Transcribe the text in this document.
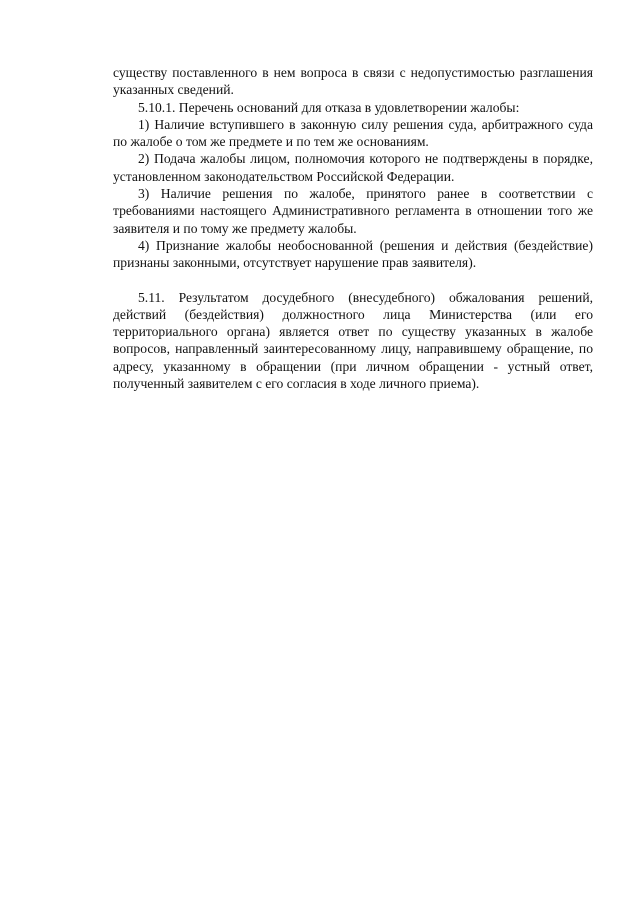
существу поставленного в нем вопроса в связи с недопустимостью разглашения указанных сведений.

5.10.1. Перечень оснований для отказа в удовлетворении жалобы:

1) Наличие вступившего в законную силу решения суда, арбитражного суда по жалобе о том же предмете и по тем же основаниям.

2) Подача жалобы лицом, полномочия которого не подтверждены в порядке, установленном законодательством Российской Федерации.

3) Наличие решения по жалобе, принятого ранее в соответствии с требованиями настоящего Административного регламента в отношении того же заявителя и по тому же предмету жалобы.

4) Признание жалобы необоснованной (решения и действия (бездействие) признаны законными, отсутствует нарушение прав заявителя).

5.11. Результатом досудебного (внесудебного) обжалования решений, действий (бездействия) должностного лица Министерства (или его территориального органа) является ответ по существу указанных в жалобе вопросов, направленный заинтересованному лицу, направившему обращение, по адресу, указанному в обращении (при личном обращении - устный ответ, полученный заявителем с его согласия в ходе личного приема).
